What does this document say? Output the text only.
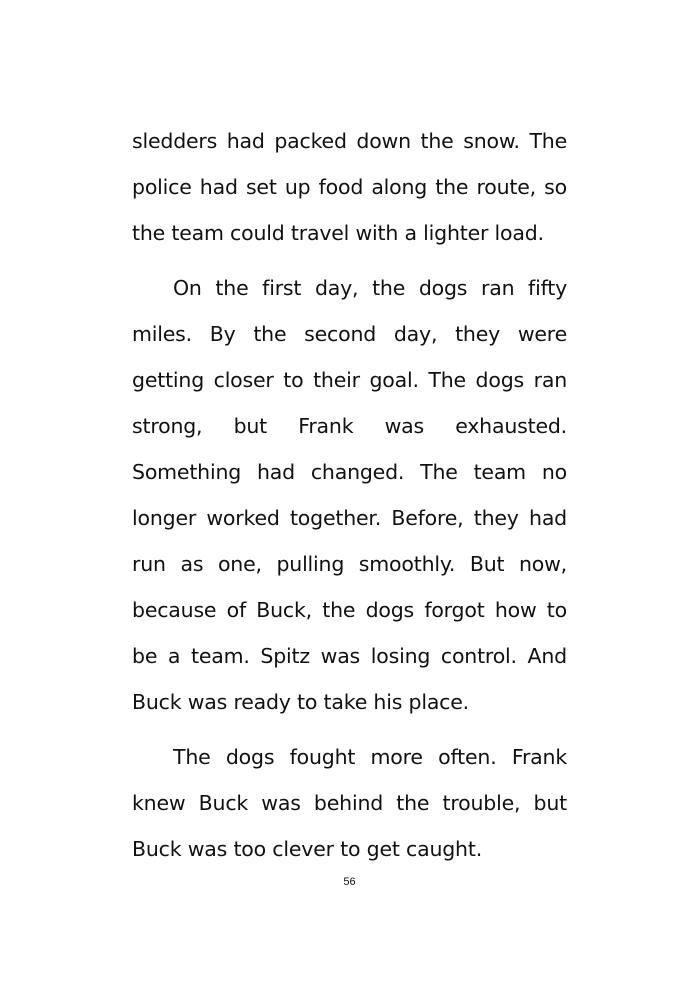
sledders had packed down the snow. The police had set up food along the route, so the team could travel with a lighter load.

On the first day, the dogs ran fifty miles. By the second day, they were getting closer to their goal. The dogs ran strong, but Frank was exhausted. Something had changed. The team no longer worked together. Before, they had run as one, pulling smoothly. But now, because of Buck, the dogs forgot how to be a team. Spitz was losing control. And Buck was ready to take his place.

The dogs fought more often. Frank knew Buck was behind the trouble, but Buck was too clever to get caught.

56
